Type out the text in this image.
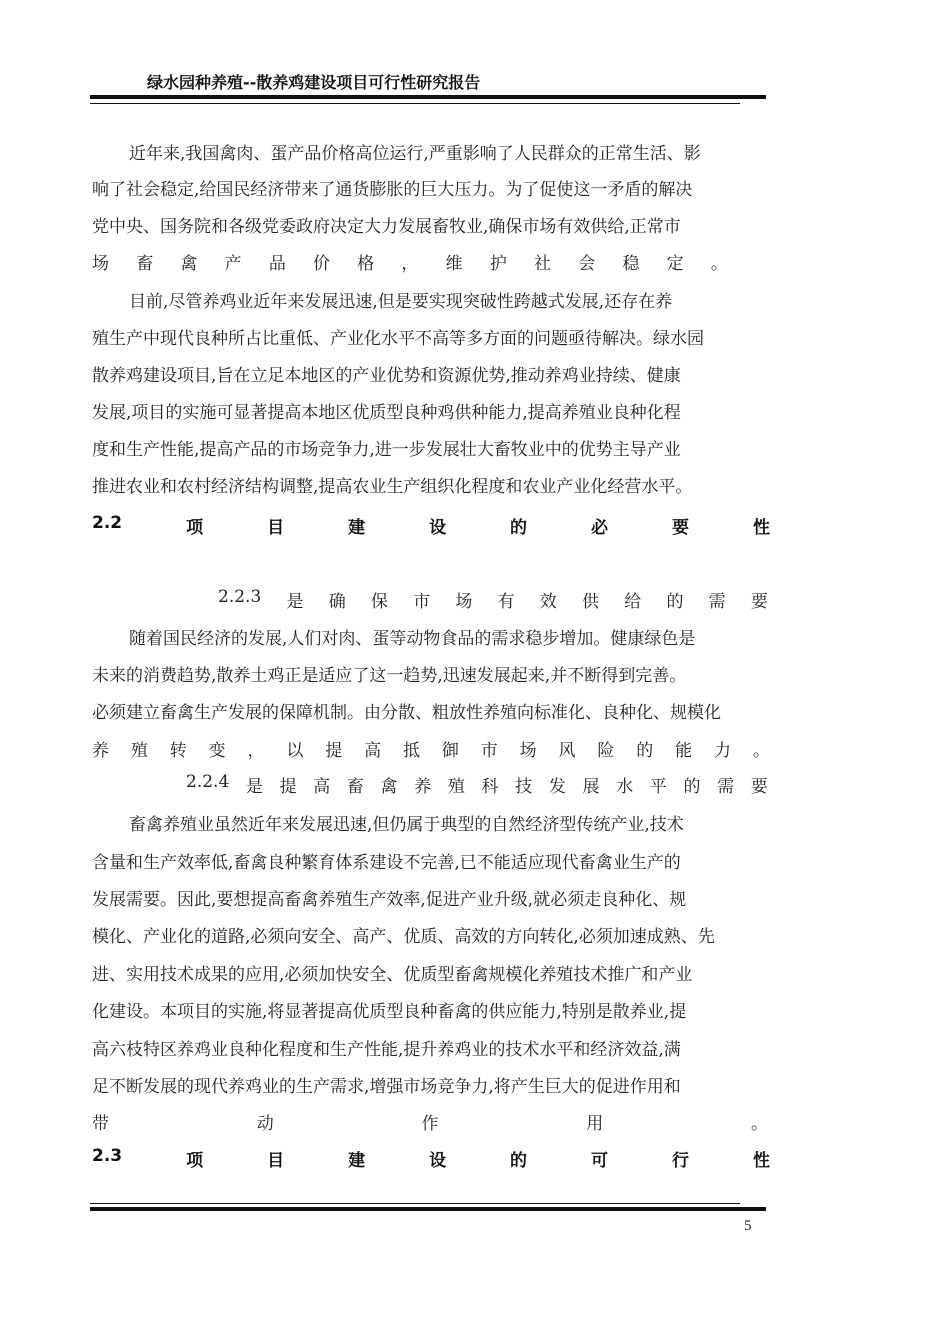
绿水园种养殖--散养鸡建设项目可行性研究报告
近年来,我国禽肉、蛋产品价格高位运行,严重影响了人民群众的正常生活、影
响了社会稳定,给国民经济带来了通货膨胀的巨大压力。为了促使这一矛盾的解决
党中央、国务院和各级党委政府决定大力发展畜牧业,确保市场有效供给,正常市
场 畜 禽 产 品 价 格 ， 维 护 社 会 稳 定 。
目前,尽管养鸡业近年来发展迅速,但是要实现突破性跨越式发展,还存在养
殖生产中现代良种所占比重低、产业化水平不高等多方面的问题亟待解决。绿水园
散养鸡建设项目,旨在立足本地区的产业优势和资源优势,推动养鸡业持续、健康
发展,项目的实施可显著提高本地区优质型良种鸡供种能力,提高养殖业良种化程
度和生产性能,提高产品的市场竞争力,进一步发展壮大畜牧业中的优势主导产业
推进农业和农村经济结构调整,提高农业生产组织化程度和农业产业化经营水平。
2.2	项	目	建	设	的	必	要	性
2.2.3 是 确 保 市 场 有 效 供 给 的 需 要
随着国民经济的发展,人们对肉、蛋等动物食品的需求稳步增加。健康绿色是
未来的消费趋势,散养土鸡正是适应了这一趋势,迅速发展起来,并不断得到完善。
必须建立畜禽生产发展的保障机制。由分散、粗放性养殖向标准化、良种化、规模化
养 殖 转 变 ， 以 提 高 抵 御 市 场 风 险 的 能 力 。
2.2.4 是 提 高 畜 禽 养 殖 科 技 发 展 水 平 的 需 要
畜禽养殖业虽然近年来发展迅速,但仍属于典型的自然经济型传统产业,技术
含量和生产效率低,畜禽良种繁育体系建设不完善,已不能适应现代畜禽业生产的
发展需要。因此,要想提高畜禽养殖生产效率,促进产业升级,就必须走良种化、规
模化、产业化的道路,必须向安全、高产、优质、高效的方向转化,必须加速成熟、先
进、实用技术成果的应用,必须加快安全、优质型畜禽规模化养殖技术推广和产业
化建设。本项目的实施,将显著提高优质型良种畜禽的供应能力,特别是散养业,提
高六枝特区养鸡业良种化程度和生产性能,提升养鸡业的技术水平和经济效益,满
足不断发展的现代养鸡业的生产需求,增强市场竞争力,将产生巨大的促进作用和
带	动	作	用	。
2.3	项	目	建	设	的	可	行	性
5
